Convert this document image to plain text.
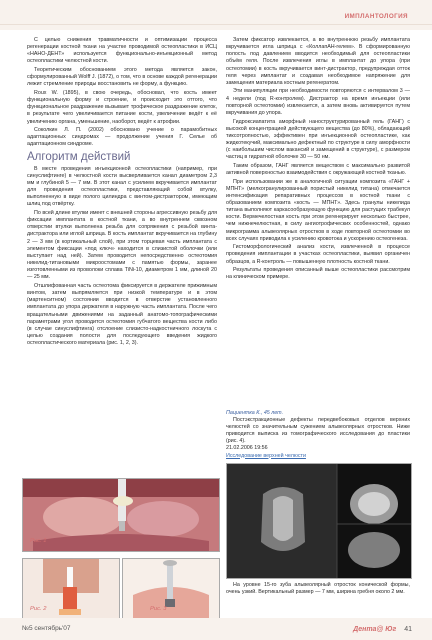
ИМПЛАНТОЛОГИЯ

С целью снижения травматичности и оптимизации процесса регенерации костной ткани на участке проводимой остеопластики в ИСЦ «НАНО-ДЕНТ» используется функционально-инъекционный метод остеопластики челюстной кости.

Теоретическим обоснованием этого метода является закон, сформулированный Wolff J. (1872), о том, что в основе каждой регенерации лежит стремление природы восстановить не форму, а функцию.

Roux W. (1895), в свою очередь, обосновал, что кость имеет функциональную форму и строение, и происходит это оттого, что функциональное раздражение вызывает трофическое раздражение клеток, в результате чего увеличивается питание кости, увеличение ведёт к её увеличению органа, уменьшение, наоборот, ведёт к атрофии.

Соколкин Л. П. (2002) обосновано учение о парамобитных адаптационных синдромах — продолжение учения Г. Селье об адаптационном синдроме.

Алгоритм действий

В месте проведения инъекционной остеопластики (например, при синуслифтинге) в челюстной кости высверливается канал диаметром 2,3 мм и глубиной 5 — 7 мм. В этот канал с усилием вкручивается имплантат для проведения остеопластики, представляющий собой втулку, выполненную в виде полого цилиндра с винтом-дистрактором, имеющим шлиц под отвёртку.

По всей длине втулки имеет с внешней стороны агрессивную резьбу для фиксации имплантата в костной ткани, а во внутреннем сквозном отверстии втулки выполнена резьба для сопряжения с резьбой винта-дистрактора или иглой шприца. В кость имплантат вкручивается на глубину 2 — 3 мм (в кортикальный слой), при этом торцевая часть имплантата с элементом фиксации «под ключ» находится в слизистой оболочки (или выступает над ней). Затем проводится непосредственно остеотомия никелид-титановыми микроостомами с памятью формы, заранее изготовленными из проволоки сплава TiNi-10, диаметром 1 мм, длиной 20 — 25 мм.

Отшлифованная часть остеотома фиксируется в держателе прижимным винтом, затем выпрямляется при низкой температуре и в этом (мартенситном) состоянии вводится в отверстие установленного имплантата до упора держателя в наружную часть имплантата. После чего вращательными движениями на заданный анатомо-топографическими параметрами угол проводится остеотомия губчатого вещества кости либо (в случае синуслифтинга) отслоение слизисто-надкостничного лоскута с целью создания полости для последующего введения жидкого остеопластического материала (рис. 1, 2, 3).

Рис. 1
Рис. 2	Рис. 3

Затем фиксатор извлекается, а во внутреннюю резьбу имплантата вкручивается игла шприца с «КоллапАН-гелем». В сформированную полость под давлением вводится необходимый для остеопластики объём геля. После извлечения иглы в имплантат до упора (при остеотомии) в кость вкручивается винт-дистрактор, предупреждая отток геля через имплантат и создавая необходимое напряжение для замещения материала костным регенератом.

Эти манипуляции при необходимости повторяются с интервалом 3 — 4 недели (под R-контролем). Дистрактор на время инъекции (или повторной остеотомии) извлекается, а затем вновь активируется путем вкручивания до упора.

Гидроксиапатита аморфный наноструктурированный гель (ГАНГ) с высокой концентрацией действующего вещества (до 80%), обладающий тиксотропностью, эффективен при инъекционной остеопластике, как жидкотекучий, максимально дефектный по структуре в силу аморфности (с наибольшим числом вакансий и замещений в структуре), с размером частиц в гидратной оболочке 30 — 50 нм.

Таким образом, ГАНГ является веществом с максимально развитой активной поверхностью взаимодействия с окружающей костной тканью.

При использовании же в аналогичной ситуации композита «ГАНГ + МПНТ» (мелкогранулированный пористый никелид титана) отмечается интенсификация репаративных процессов в костной ткани с образованием композита «кость — МПНТ». Здесь гранулы никелида титана выполняют каркасообразующую функцию для растущих трабекул кости. Вермечелостная кость при этом регенерирует несколько быстрее, чем нижнечелюстная, в силу ангиотрофических особенностей, однако микрограмма альвеолярных отростков в ходе повторной остеотомии во всех случаях приводила к усилению кровотока и ускорению остеогенеза.

Гистоморфологический анализ кости, извлеченной в процессе проведения имплантации в участках остеопластики, выявил органичен образцов, а R-контроль — повышенную плотность костной ткани.

Результаты проведения описанный выше остеопластики рассмотрим на клиническом примере.

Пациентка К., 45 лет.
Постэкстракционные дефекты передвебоковых отделов верхних челюстей со значительным сужением альвеолярных отростков. Ниже приводится выписка из томографического исследования до пластики (рис. 4).
21.02.2006 19:56
Исследование верхней челюсти
На уровне 15-го зуба альвеолярный отросток конической формы, очень узкий. Вертикальный размер — 7 мм, ширина гребня около 2 мм.
№5 сентябрь'07	Дента@ Юг 41
